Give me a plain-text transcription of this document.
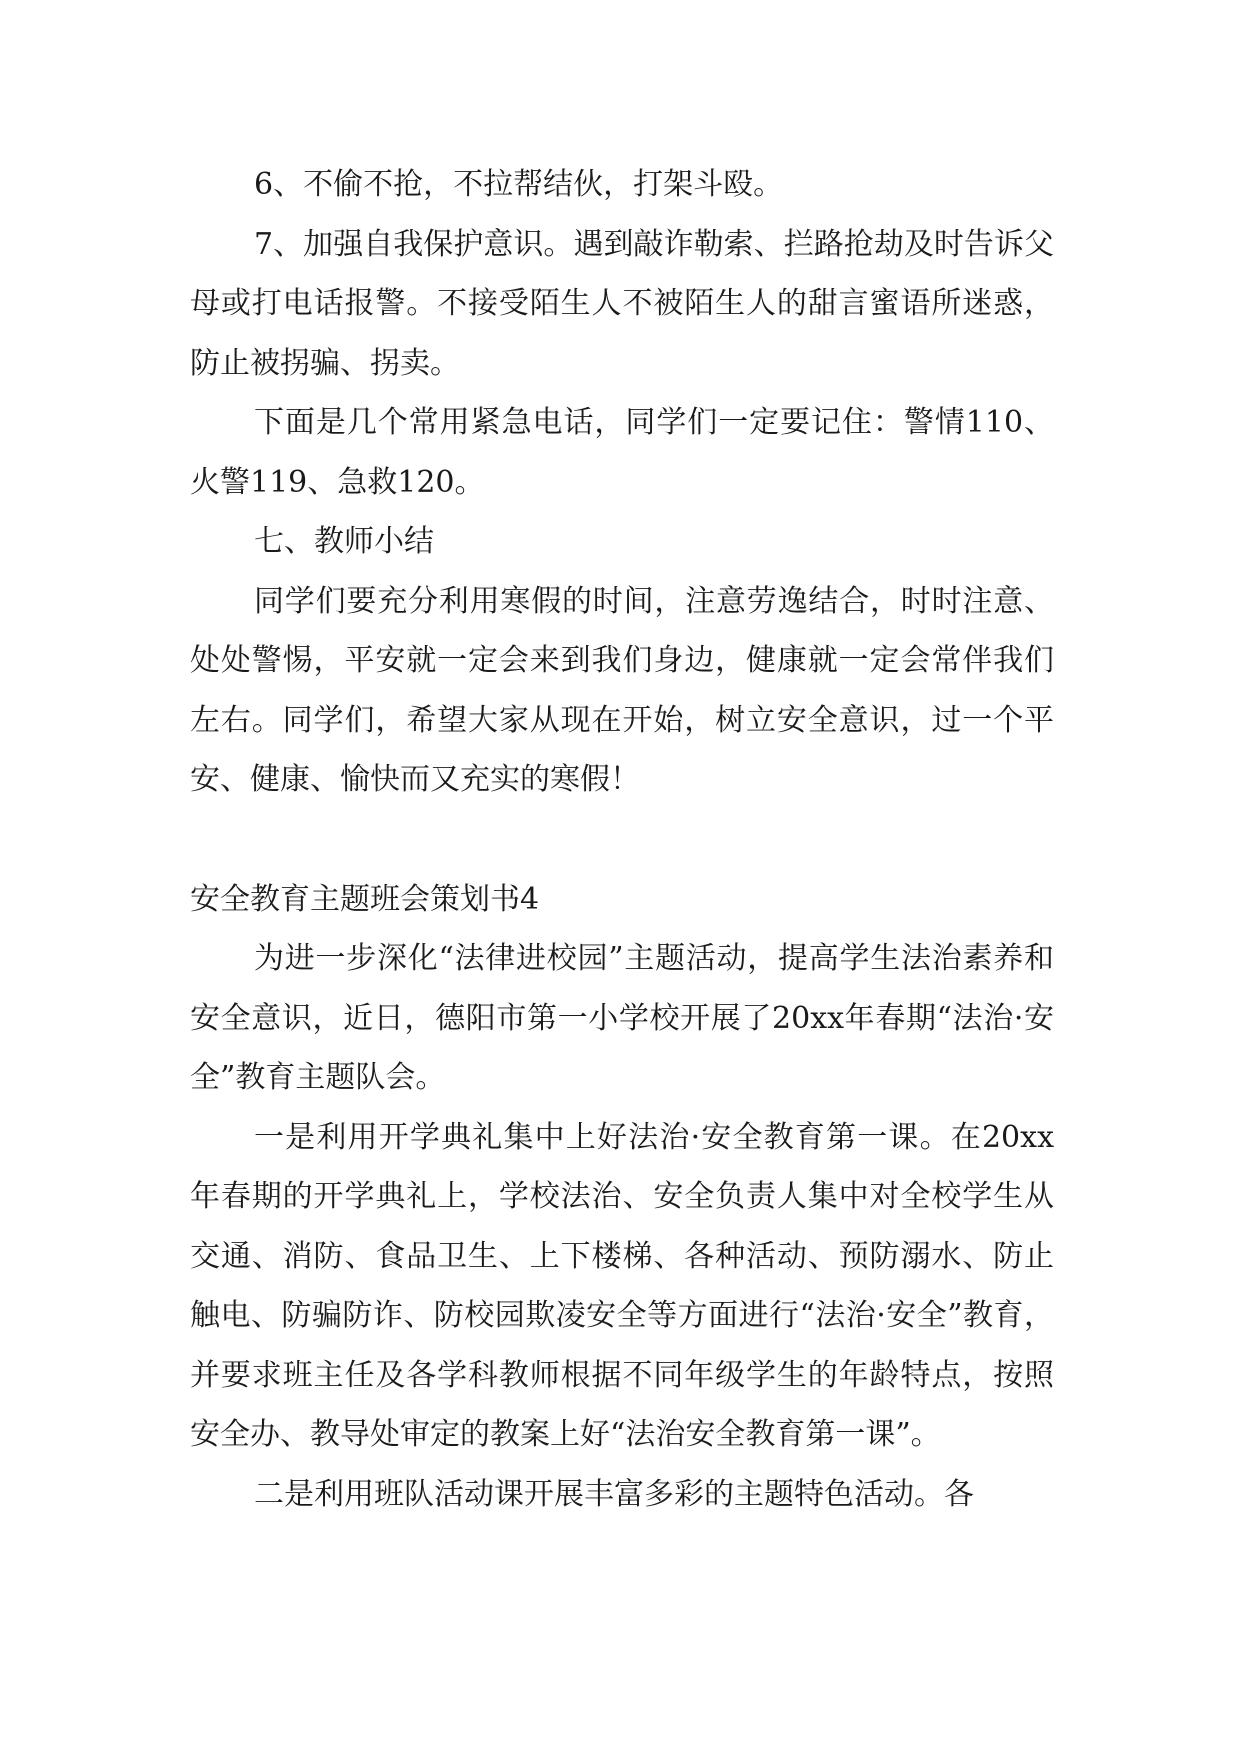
6、不偷不抢，不拉帮结伙，打架斗殴。

7、加强自我保护意识。遇到敲诈勒索、拦路抢劫及时告诉父母或打电话报警。不接受陌生人不被陌生人的甜言蜜语所迷惑，防止被拐骗、拐卖。

下面是几个常用紧急电话，同学们一定要记住：警情110、火警119、急救120。

七、教师小结

同学们要充分利用寒假的时间，注意劳逸结合，时时注意、处处警惕，平安就一定会来到我们身边，健康就一定会常伴我们左右。同学们，希望大家从现在开始，树立安全意识，过一个平安、健康、愉快而又充实的寒假！

安全教育主题班会策划书4

为进一步深化“法律进校园”主题活动，提高学生法治素养和安全意识，近日，德阳市第一小学校开展了20xx年春期“法治·安全”教育主题队会。

一是利用开学典礼集中上好法治·安全教育第一课。在20xx年春期的开学典礼上，学校法治、安全负责人集中对全校学生从交通、消防、食品卫生、上下楼梯、各种活动、预防溺水、防止触电、防骗防诈、防校园欺凌安全等方面进行“法治·安全”教育，并要求班主任及各学科教师根据不同年级学生的年龄特点，按照安全办、教导处审定的教案上好“法治安全教育第一课”。

二是利用班队活动课开展丰富多彩的主题特色活动。各
